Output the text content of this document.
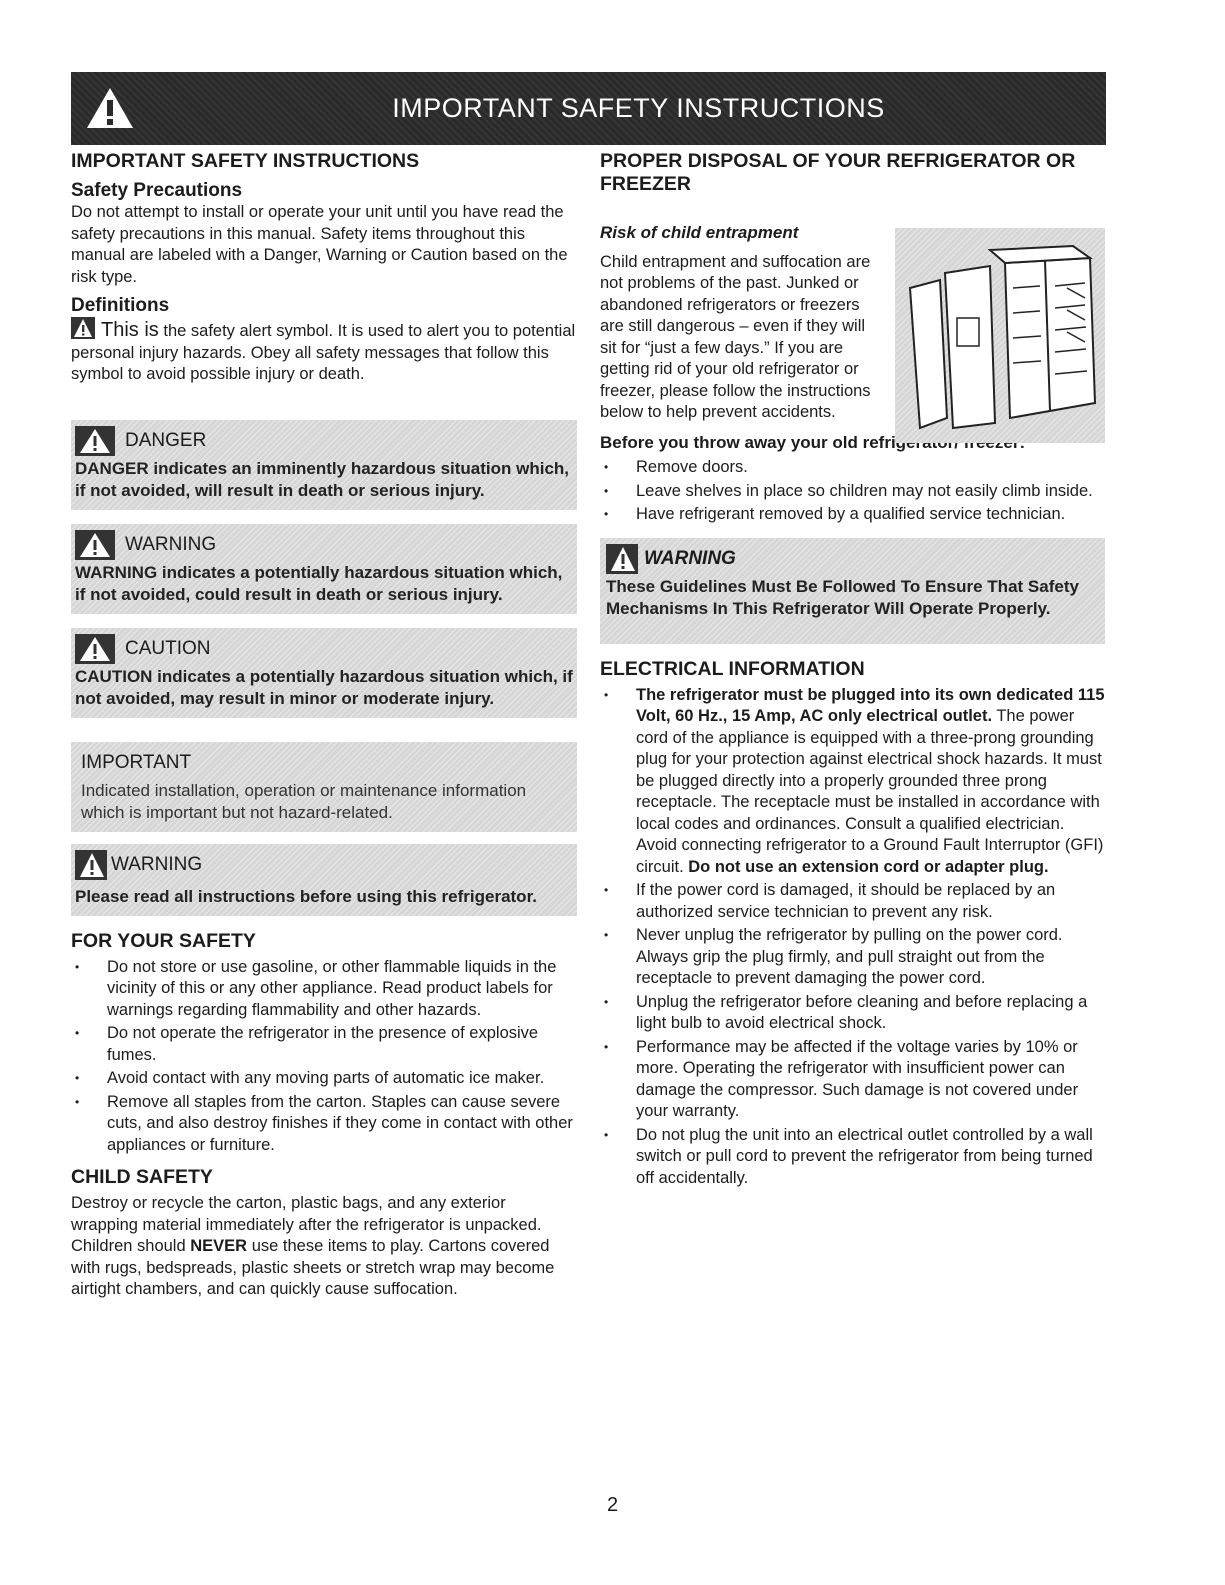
IMPORTANT SAFETY INSTRUCTIONS
IMPORTANT SAFETY INSTRUCTIONS
Safety Precautions

Do not attempt to install or operate your unit until you have read the safety precautions in this manual. Safety items throughout this manual are labeled with a Danger, Warning or Caution based on the risk type.

Definitions

This is the safety alert symbol. It is used to alert you to potential personal injury hazards. Obey all safety messages that follow this symbol to avoid possible injury or death.

DANGER
DANGER indicates an imminently hazardous situation which, if not avoided, will result in death or serious injury.
WARNING
WARNING indicates a potentially hazardous situation which, if not avoided, could result in death or serious injury.
CAUTION
CAUTION indicates a potentially hazardous situation which, if not avoided, may result in minor or moderate injury.
IMPORTANT
Indicated installation, operation or maintenance information which is important but not hazard-related.
WARNING
Please read all instructions before using this refrigerator.
FOR YOUR SAFETY
• Do not store or use gasoline, or other flammable liquids in the vicinity of this or any other appliance. Read product labels for warnings regarding flammability and other hazards.
• Do not operate the refrigerator in the presence of explosive fumes.
• Avoid contact with any moving parts of automatic ice maker.
• Remove all staples from the carton. Staples can cause severe cuts, and also destroy finishes if they come in contact with other appliances or furniture.
CHILD SAFETY

Destroy or recycle the carton, plastic bags, and any exterior wrapping material immediately after the refrigerator is unpacked. Children should NEVER use these items to play. Cartons covered with rugs, bedspreads, plastic sheets or stretch wrap may become airtight chambers, and can quickly cause suffocation.

PROPER DISPOSAL OF YOUR REFRIGERATOR OR FREEZER

Risk of child entrapment

Child entrapment and suffocation are not problems of the past. Junked or abandoned refrigerators or freezers are still dangerous – even if they will sit for “just a few days.” If you are getting rid of your old refrigerator or freezer, please follow the instructions below to help prevent accidents.

Before you throw away your old refrigerator/ freezer:

• Remove doors.
• Leave shelves in place so children may not easily climb inside.
• Have refrigerant removed by a qualified service technician.
WARNING
These Guidelines Must Be Followed To Ensure That Safety Mechanisms In This Refrigerator Will Operate Properly.
ELECTRICAL INFORMATION
• The refrigerator must be plugged into its own dedicated 115 Volt, 60 Hz., 15 Amp, AC only electrical outlet. The power cord of the appliance is equipped with a three-prong grounding plug for your protection against electrical shock hazards. It must be plugged directly into a properly grounded three prong receptacle. The receptacle must be installed in accordance with local codes and ordinances. Consult a qualified electrician. Avoid connecting refrigerator to a Ground Fault Interruptor (GFI) circuit. Do not use an extension cord or adapter plug.
• If the power cord is damaged, it should be replaced by an authorized service technician to prevent any risk.
• Never unplug the refrigerator by pulling on the power cord. Always grip the plug firmly, and pull straight out from the receptacle to prevent damaging the power cord.
• Unplug the refrigerator before cleaning and before replacing a light bulb to avoid electrical shock.
• Performance may be affected if the voltage varies by 10% or more. Operating the refrigerator with insufficient power can damage the compressor. Such damage is not covered under your warranty.
• Do not plug the unit into an electrical outlet controlled by a wall switch or pull cord to prevent the refrigerator from being turned off accidentally.
2
